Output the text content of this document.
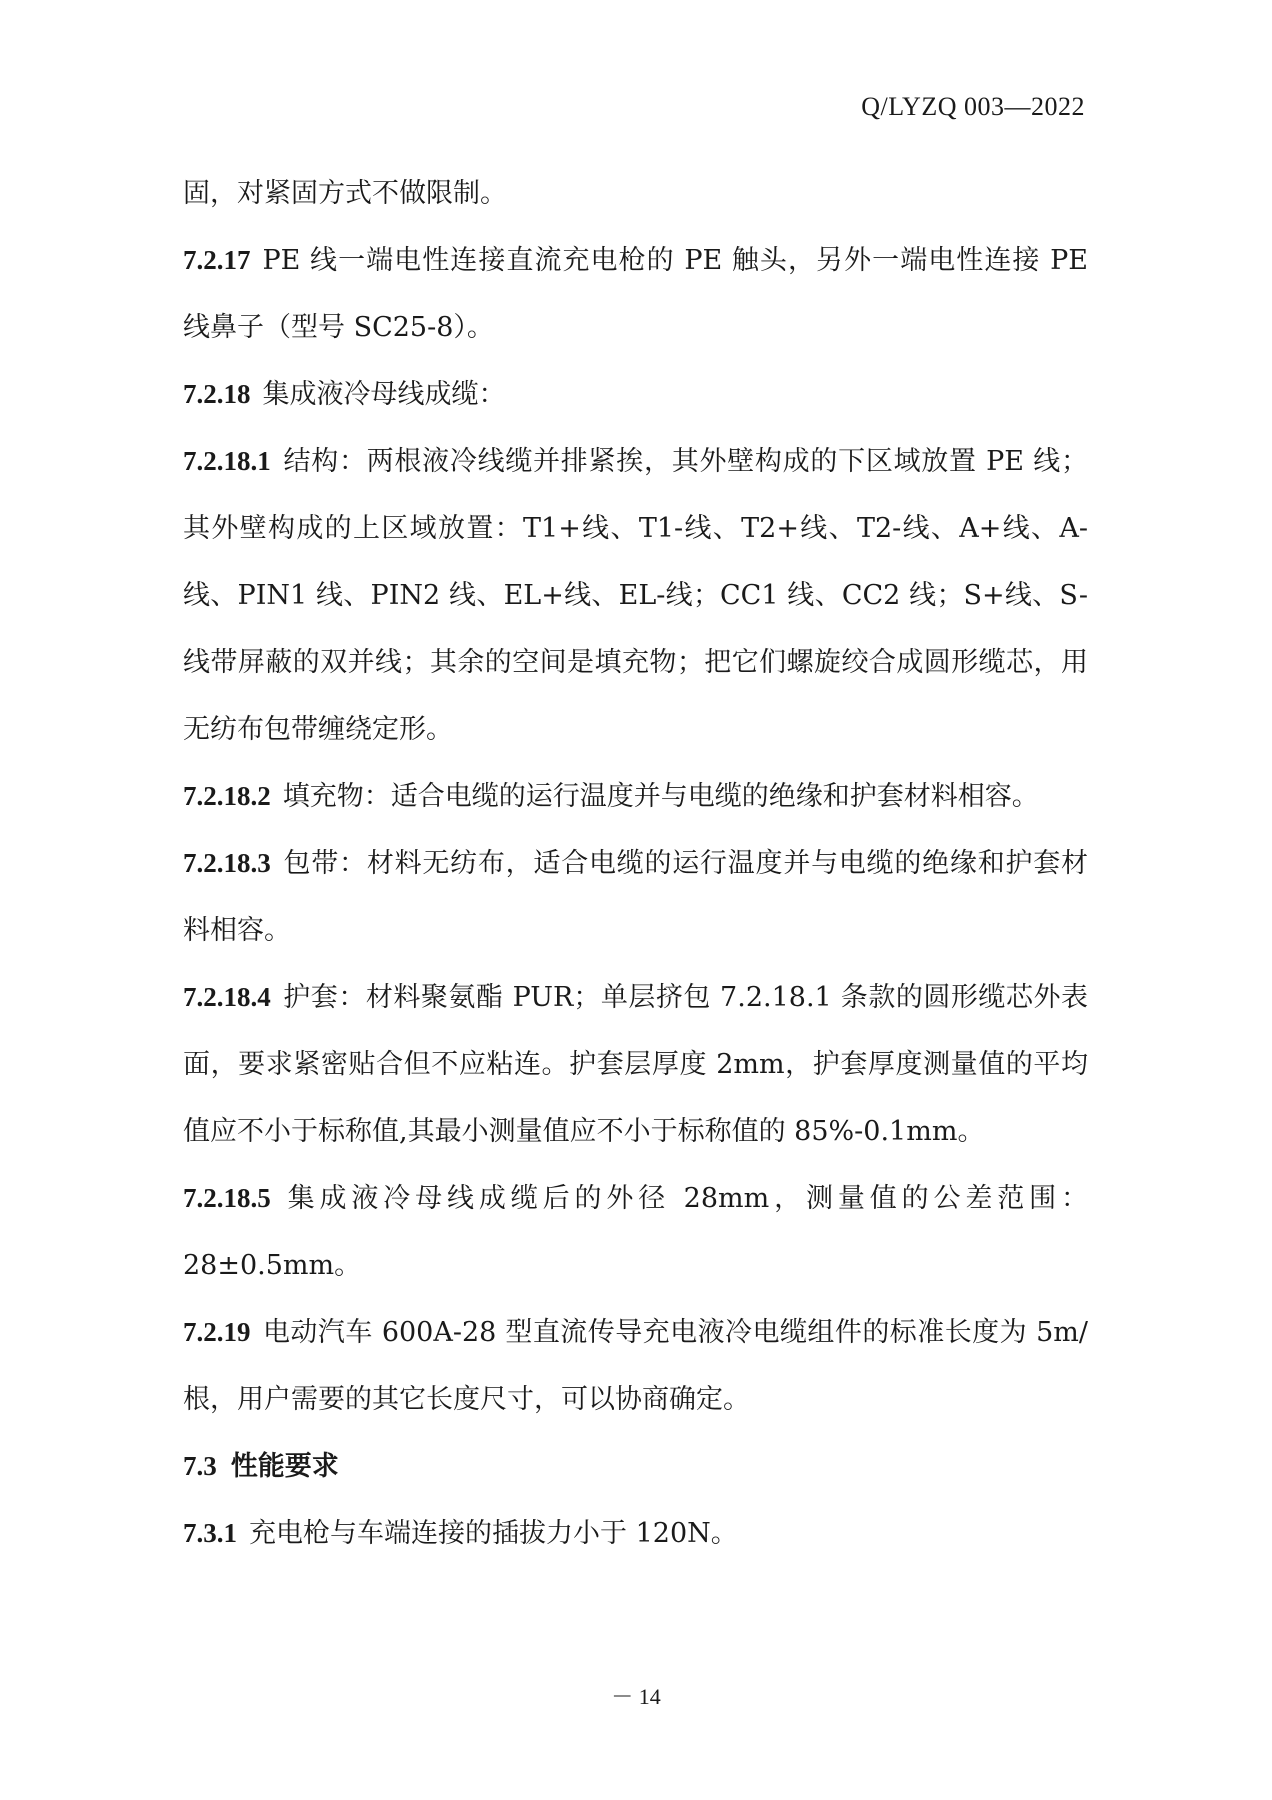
Q/LYZQ 003—2022

固，对紧固方式不做限制。

7.2.17 PE 线一端电性连接直流充电枪的 PE 触头，另外一端电性连接 PE 线鼻子（型号 SC25-8）。

7.2.18 集成液冷母线成缆：

7.2.18.1 结构：两根液冷线缆并排紧挨，其外壁构成的下区域放置 PE 线；其外壁构成的上区域放置：T1+线、T1-线、T2+线、T2-线、A+线、A-线、PIN1 线、PIN2 线、EL+线、EL-线；CC1 线、CC2 线；S+线、S-线带屏蔽的双并线；其余的空间是填充物；把它们螺旋绞合成圆形缆芯，用无纺布包带缠绕定形。

7.2.18.2 填充物：适合电缆的运行温度并与电缆的绝缘和护套材料相容。

7.2.18.3 包带：材料无纺布，适合电缆的运行温度并与电缆的绝缘和护套材料相容。

7.2.18.4 护套：材料聚氨酯 PUR；单层挤包 7.2.18.1 条款的圆形缆芯外表面，要求紧密贴合但不应粘连。护套层厚度 2mm，护套厚度测量值的平均值应不小于标称值,其最小测量值应不小于标称值的 85%-0.1mm。

7.2.18.5 集成液冷母线成缆后的外径 28mm，测量值的公差范围：28±0.5mm。

7.2.19 电动汽车 600A-28 型直流传导充电液冷电缆组件的标准长度为 5m/根，用户需要的其它长度尺寸，可以协商确定。

7.3 性能要求

7.3.1 充电枪与车端连接的插拔力小于 120N。

－ 14
